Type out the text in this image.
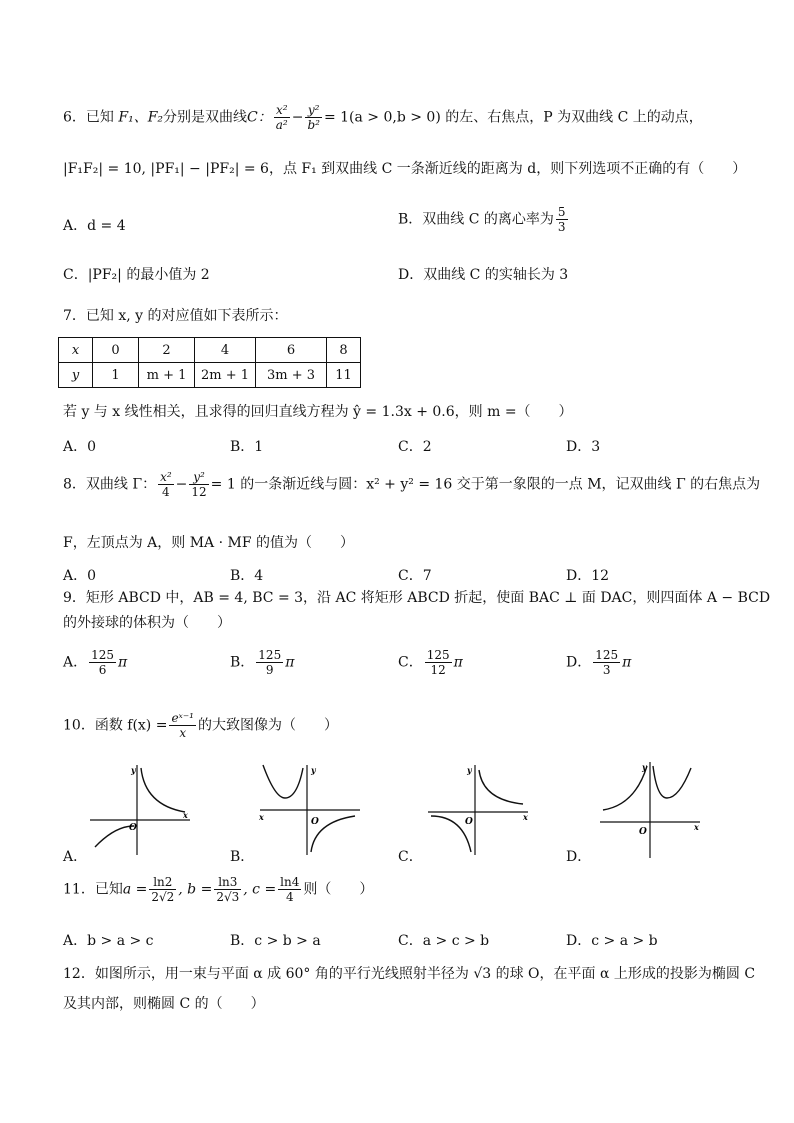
6．已知 F₁、F₂分别是双曲线C： $\frac{\text{x²}}{\text{a²}} - \frac{\text{y²}}{\text{b²}} = 1(a > 0,b > 0)$ 的左、右焦点，P 为双曲线 C 上的动点，
|F₁F₂| = 10, |PF₁| − |PF₂| = 6，点 F₁ 到双曲线 C 一条渐近线的距离为 d，则下列选项不正确的有（　　）
A．d = 4	B．双曲线 C 的离心率为 $\frac{5}{3}$
C．|PF₂| 的最小值为 2	D．双曲线 C 的实轴长为 3
7．已知 x, y 的对应值如下表所示：
x	0	2	4	6	8
y	1	m + 1	2m + 1	3m + 3	11
若 y 与 x 线性相关，且求得的回归直线方程为 ŷ = 1.3x + 0.6，则 m =（　　）
A．0	B．1	C．2	D．3
8．双曲线 Γ： $\frac{\text{x²}}{4} - \frac{\text{y²}}{12} = 1$ 的一条渐近线与圆：x² + y² = 16 交于第一象限的一点 M，记双曲线 Γ 的右焦点为
F，左顶点为 A，则 MA · MF 的值为（　　）
A．0	B．4	C．7	D．12
9．矩形 ABCD 中，AB = 4, BC = 3，沿 AC 将矩形 ABCD 折起，使面 BAC ⊥ 面 DAC，则四面体 A − BCD
的外接球的体积为（　　）
A． $\frac{125}{6}$ π	B． $\frac{125}{9}$ π	C． $\frac{125}{12}$ π	D． $\frac{125}{3}$ π
10．函数 $f(x) = \frac{\text{eˣ⁻¹}}{x}$ 的大致图像为（　　）
O
y
x
O
y
x	O
y
x
O
y
x
A．	B．	C．	D．
11．已知$a = \frac{\ln 2}{2√2}$ , $b = \frac{\ln 3}{2√3}$ , $c = \frac{\ln 4}{4}$ 则（　　）
A．b > a > c	B．c > b > a	C．a > c > b	D．c > a > b
12．如图所示，用一束与平面 α 成 60° 角的平行光线照射半径为 √3 的球 O，在平面 α 上形成的投影为椭圆 C
及其内部，则椭圆 C 的（　　）
